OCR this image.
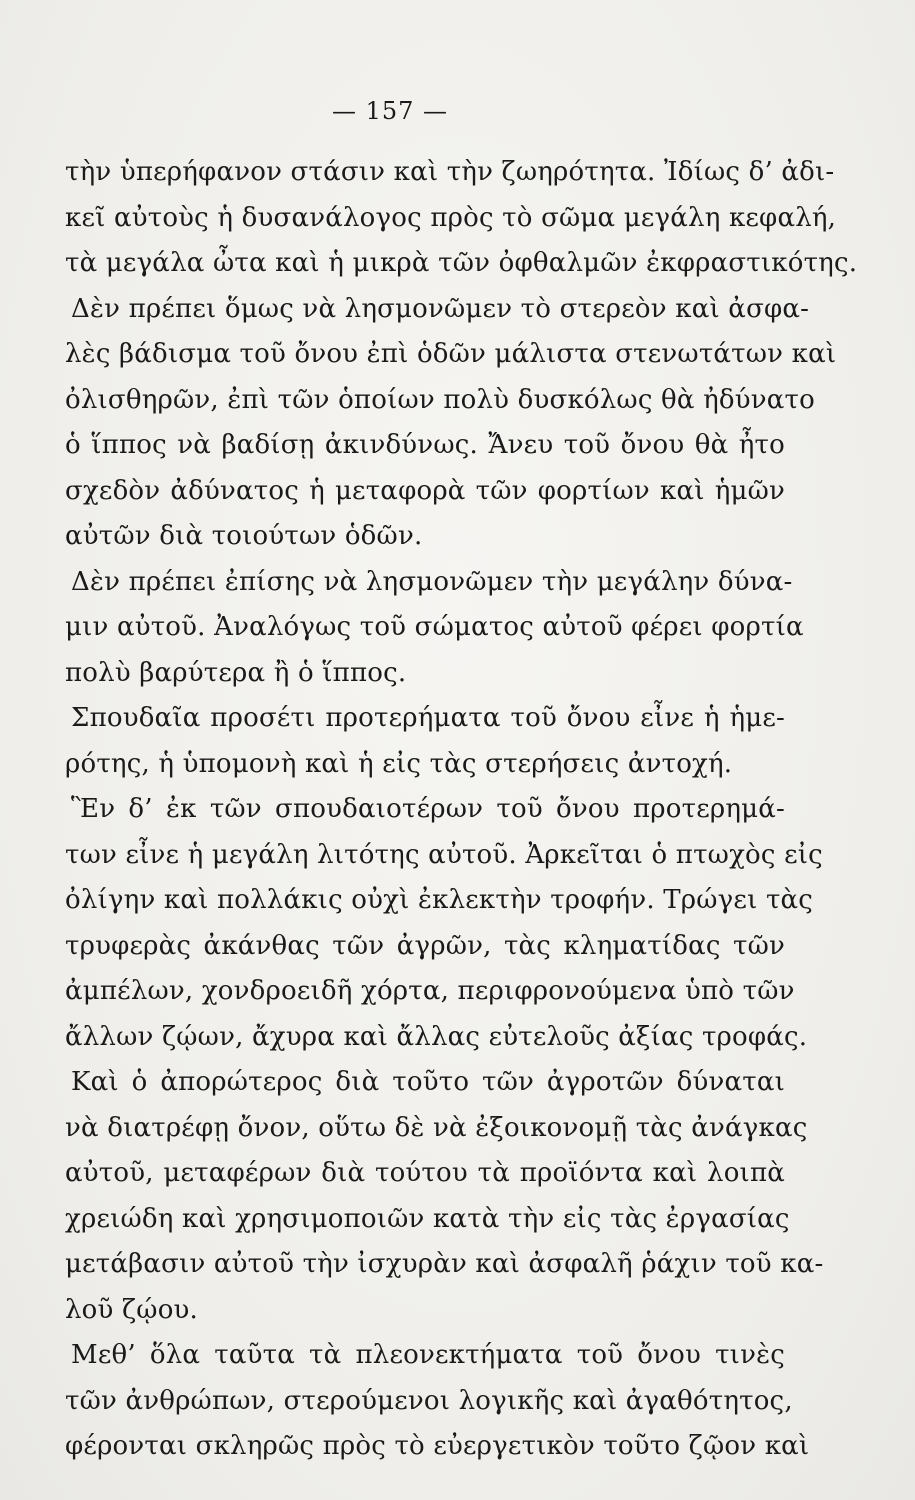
— 157 —

τὴν ὑπερήφανον στάσιν καὶ τὴν ζωηρότητα. Ἰδίως δ’ ἀδι-
κεῖ αὐτοὺς ἡ δυσανάλογος πρὸς τὸ σῶμα μεγάλη κεφαλή,
τὰ μεγάλα ὦτα καὶ ἡ μικρὰ τῶν ὀφθαλμῶν ἐκφραστικότης.
Δὲν πρέπει ὅμως νὰ λησμονῶμεν τὸ στερεὸν καὶ ἀσφα-
λὲς βάδισμα τοῦ ὄνου ἐπὶ ὁδῶν μάλιστα στενωτάτων καὶ
ὀλισθηρῶν, ἐπὶ τῶν ὁποίων πολὺ δυσκόλως θὰ ἠδύνατο
ὁ ἵππος νὰ βαδίσῃ ἀκινδύνως. Ἄνευ τοῦ ὄνου θὰ ἦτο
σχεδὸν ἀδύνατος ἡ μεταφορὰ τῶν φορτίων καὶ ἡμῶν
αὐτῶν διὰ τοιούτων ὁδῶν.
Δὲν πρέπει ἐπίσης νὰ λησμονῶμεν τὴν μεγάλην δύνα-
μιν αὐτοῦ. Ἀναλόγως τοῦ σώματος αὐτοῦ φέρει φορτία
πολὺ βαρύτερα ἢ ὁ ἵππος.
Σπουδαῖα προσέτι προτερήματα τοῦ ὄνου εἶνε ἡ ἡμε-
ρότης, ἡ ὑπομονὴ καὶ ἡ εἰς τὰς στερήσεις ἀντοχή.
Ἓν δ’ ἐκ τῶν σπουδαιοτέρων τοῦ ὄνου προτερημά-
των εἶνε ἡ μεγάλη λιτότης αὐτοῦ. Ἀρκεῖται ὁ πτωχὸς εἰς
ὀλίγην καὶ πολλάκις οὐχὶ ἐκλεκτὴν τροφήν. Τρώγει τὰς
τρυφερὰς ἀκάνθας τῶν ἀγρῶν, τὰς κληματίδας τῶν
ἀμπέλων, χονδροειδῆ χόρτα, περιφρονούμενα ὑπὸ τῶν
ἄλλων ζῴων, ἄχυρα καὶ ἄλλας εὐτελοῦς ἀξίας τροφάς.
Καὶ ὁ ἀπορώτερος διὰ τοῦτο τῶν ἀγροτῶν δύναται
νὰ διατρέφῃ ὄνον, οὕτω δὲ νὰ ἐξοικονομῇ τὰς ἀνάγκας
αὐτοῦ, μεταφέρων διὰ τούτου τὰ προϊόντα καὶ λοιπὰ
χρειώδη καὶ χρησιμοποιῶν κατὰ τὴν εἰς τὰς ἐργασίας
μετάβασιν αὐτοῦ τὴν ἰσχυρὰν καὶ ἀσφαλῆ ῥάχιν τοῦ κα-
λοῦ ζῴου.
Μεθ’ ὅλα ταῦτα τὰ πλεονεκτήματα τοῦ ὄνου τινὲς
τῶν ἀνθρώπων, στερούμενοι λογικῆς καὶ ἀγαθότητος,
φέρονται σκληρῶς πρὸς τὸ εὐεργετικὸν τοῦτο ζῷον καὶ
